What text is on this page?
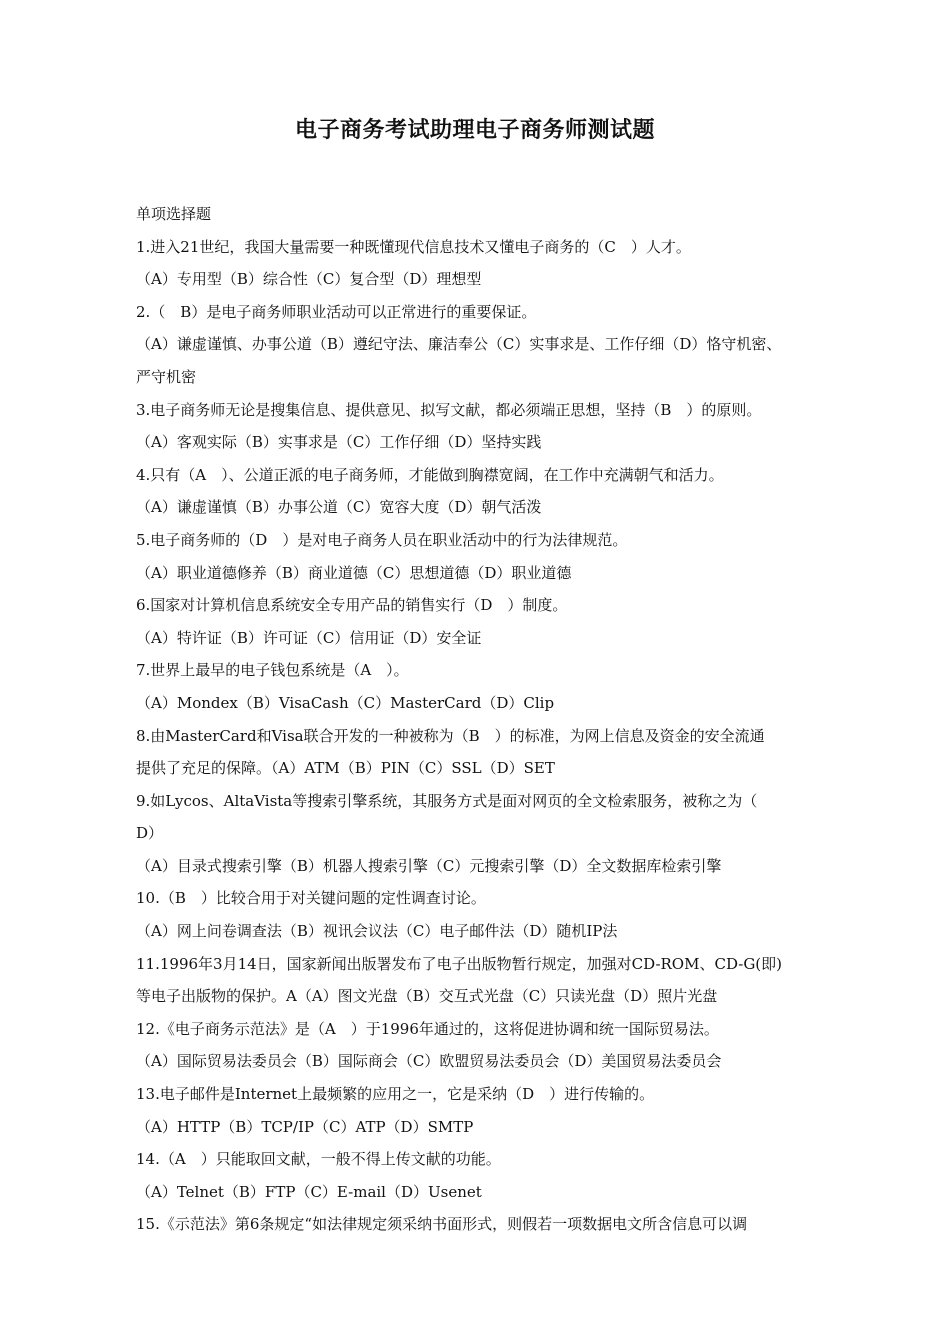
电子商务考试助理电子商务师测试题
单项选择题
1.进入21世纪，我国大量需要一种既懂现代信息技术又懂电子商务的（C　）人才。
（A）专用型（B）综合性（C）复合型（D）理想型
2.（　B）是电子商务师职业活动可以正常进行的重要保证。
（A）谦虚谨慎、办事公道（B）遵纪守法、廉洁奉公（C）实事求是、工作仔细（D）恪守机密、
严守机密
3.电子商务师无论是搜集信息、提供意见、拟写文献，都必须端正思想，坚持（B　）的原则。
（A）客观实际（B）实事求是（C）工作仔细（D）坚持实践
4.只有（A　）、公道正派的电子商务师，才能做到胸襟宽阔，在工作中充满朝气和活力。
（A）谦虚谨慎（B）办事公道（C）宽容大度（D）朝气活泼
5.电子商务师的（D　）是对电子商务人员在职业活动中的行为法律规范。
（A）职业道德修养（B）商业道德（C）思想道德（D）职业道德
6.国家对计算机信息系统安全专用产品的销售实行（D　）制度。
（A）特许证（B）许可证（C）信用证（D）安全证
7.世界上最早的电子钱包系统是（A　）。
（A）Mondex（B）VisaCash（C）MasterCard（D）Clip
8.由MasterCard和Visa联合开发的一种被称为（B　）的标准，为网上信息及资金的安全流通
提供了充足的保障。（A）ATM（B）PIN（C）SSL（D）SET
9.如Lycos、AltaVista等搜索引擎系统，其服务方式是面对网页的全文检索服务，被称之为（
D）
（A）目录式搜索引擎（B）机器人搜索引擎（C）元搜索引擎（D）全文数据库检索引擎
10.（B　）比较合用于对关键问题的定性调查讨论。
（A）网上问卷调查法（B）视讯会议法（C）电子邮件法（D）随机IP法
11.1996年3月14日，国家新闻出版署发布了电子出版物暂行规定，加强对CD-ROM、CD-G(即)
等电子出版物的保护。A（A）图文光盘（B）交互式光盘（C）只读光盘（D）照片光盘
12.《电子商务示范法》是（A　）于1996年通过的，这将促进协调和统一国际贸易法。
（A）国际贸易法委员会（B）国际商会（C）欧盟贸易法委员会（D）美国贸易法委员会
13.电子邮件是Internet上最频繁的应用之一，它是采纳（D　）进行传输的。
（A）HTTP（B）TCP/IP（C）ATP（D）SMTP
14.（A　）只能取回文献，一般不得上传文献的功能。
（A）Telnet（B）FTP（C）E-mail（D）Usenet
15.《示范法》第6条规定“如法律规定须采纳书面形式，则假若一项数据电文所含信息可以调
